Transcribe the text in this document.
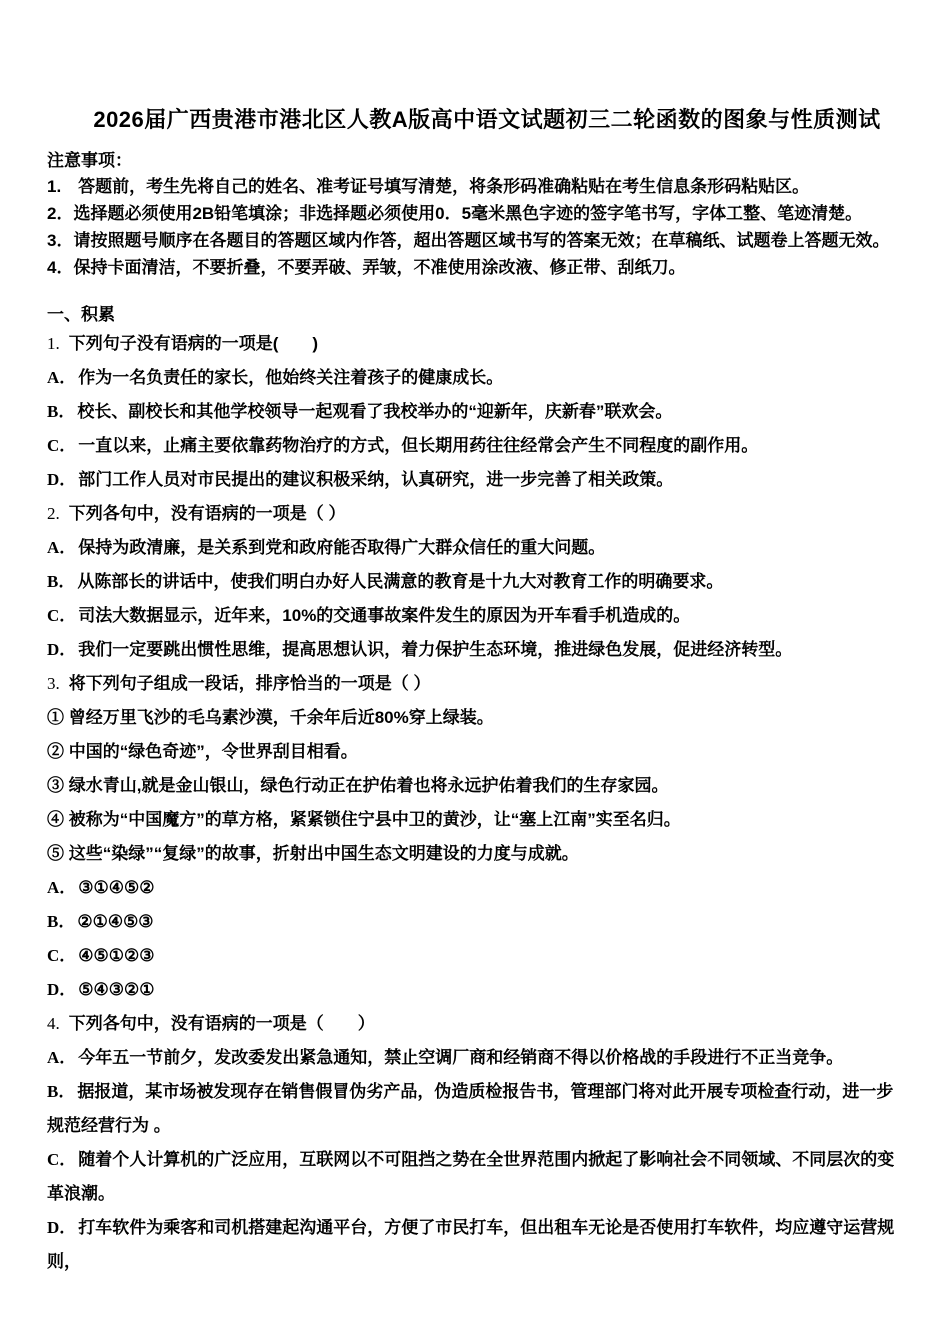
2026届广西贵港市港北区人教A版高中语文试题初三二轮函数的图象与性质测试

注意事项：

1.　答题前，考生先将自己的姓名、准考证号填写清楚，将条形码准确粘贴在考生信息条形码粘贴区。

2．选择题必须使用2B铅笔填涂；非选择题必须使用0．5毫米黑色字迹的签字笔书写，字体工整、笔迹清楚。

3．请按照题号顺序在各题目的答题区域内作答，超出答题区域书写的答案无效；在草稿纸、试题卷上答题无效。

4．保持卡面清洁，不要折叠，不要弄破、弄皱，不准使用涂改液、修正带、刮纸刀。

一、积累

1. 下列句子没有语病的一项是(　　)

A． 作为一名负责任的家长，他始终关注着孩子的健康成长。

B． 校长、副校长和其他学校领导一起观看了我校举办的“迎新年，庆新春”联欢会。

C． 一直以来，止痛主要依靠药物治疗的方式，但长期用药往往经常会产生不同程度的副作用。

D． 部门工作人员对市民提出的建议积极采纳，认真研究，进一步完善了相关政策。

2. 下列各句中，没有语病的一项是（ ）

A． 保持为政清廉，是关系到党和政府能否取得广大群众信任的重大问题。

B． 从陈部长的讲话中，使我们明白办好人民满意的教育是十九大对教育工作的明确要求。

C． 司法大数据显示，近年来，10%的交通事故案件发生的原因为开车看手机造成的。

D． 我们一定要跳出惯性思维，提高思想认识，着力保护生态环境，推进绿色发展，促进经济转型。

3. 将下列句子组成一段话，排序恰当的一项是（ ）

① 曾经万里飞沙的毛乌素沙漠，千余年后近80%穿上绿装。

② 中国的“绿色奇迹”，令世界刮目相看。

③ 绿水青山,就是金山银山，绿色行动正在护佑着也将永远护佑着我们的生存家园。

④ 被称为“中国魔方”的草方格，紧紧锁住宁县中卫的黄沙，让“塞上江南”实至名归。

⑤ 这些“染绿”“复绿”的故事，折射出中国生态文明建设的力度与成就。

A． ③①④⑤②

B． ②①④⑤③

C． ④⑤①②③

D． ⑤④③②①

4. 下列各句中，没有语病的一项是（　　）

A． 今年五一节前夕，发改委发出紧急通知，禁止空调厂商和经销商不得以价格战的手段进行不正当竞争。

B． 据报道，某市场被发现存在销售假冒伪劣产品，伪造质检报告书，管理部门将对此开展专项检查行动，进一步规范经营行为 。

C． 随着个人计算机的广泛应用，互联网以不可阻挡之势在全世界范围内掀起了影响社会不同领域、不同层次的变革浪潮。

D． 打车软件为乘客和司机搭建起沟通平台，方便了市民打车，但出租车无论是否使用打车软件，均应遵守运营规则，
